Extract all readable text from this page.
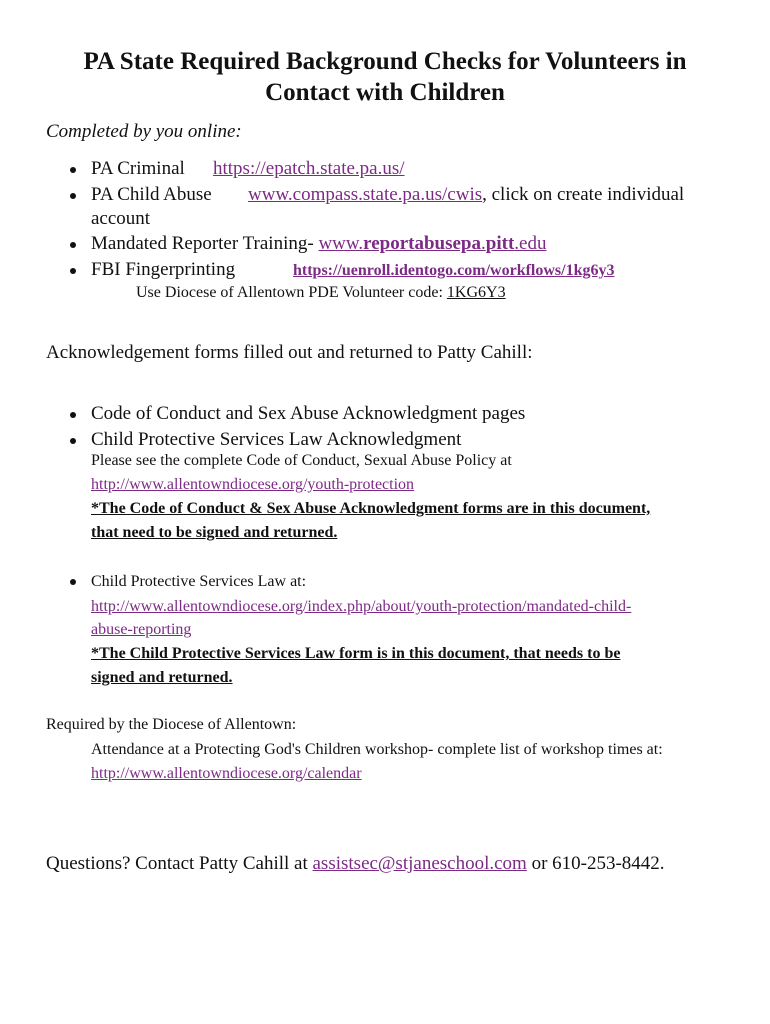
PA State Required Background Checks for Volunteers in
Contact with Children
Completed by you online:
PA Criminal https://epatch.state.pa.us/
PA Child Abuse www.compass.state.pa.us/cwis, click on create individual
account
Mandated Reporter Training- www.reportabusepa.pitt.edu
FBI Fingerprinting	https://uenroll.identogo.com/workflows/1kg6y3
Use Diocese of Allentown PDE Volunteer code: 1KG6Y3
Acknowledgement forms filled out and returned to Patty Cahill:
Code of Conduct and Sex Abuse Acknowledgment pages
Child Protective Services Law Acknowledgment
Please see the complete Code of Conduct, Sexual Abuse Policy at
http://www.allentowndiocese.org/youth-protection
*The Code of Conduct & Sex Abuse Acknowledgment forms are in this document,
that need to be signed and returned.
Child Protective Services Law at:
http://www.allentowndiocese.org/index.php/about/youth-protection/mandated-child-
abuse-reporting
*The Child Protective Services Law form is in this document, that needs to be
signed and returned.
Required by the Diocese of Allentown:
Attendance at a Protecting God's Children workshop- complete list of workshop times at:
http://www.allentowndiocese.org/calendar
Questions? Contact Patty Cahill at assistsec@stjaneschool.com or 610-253-8442.
